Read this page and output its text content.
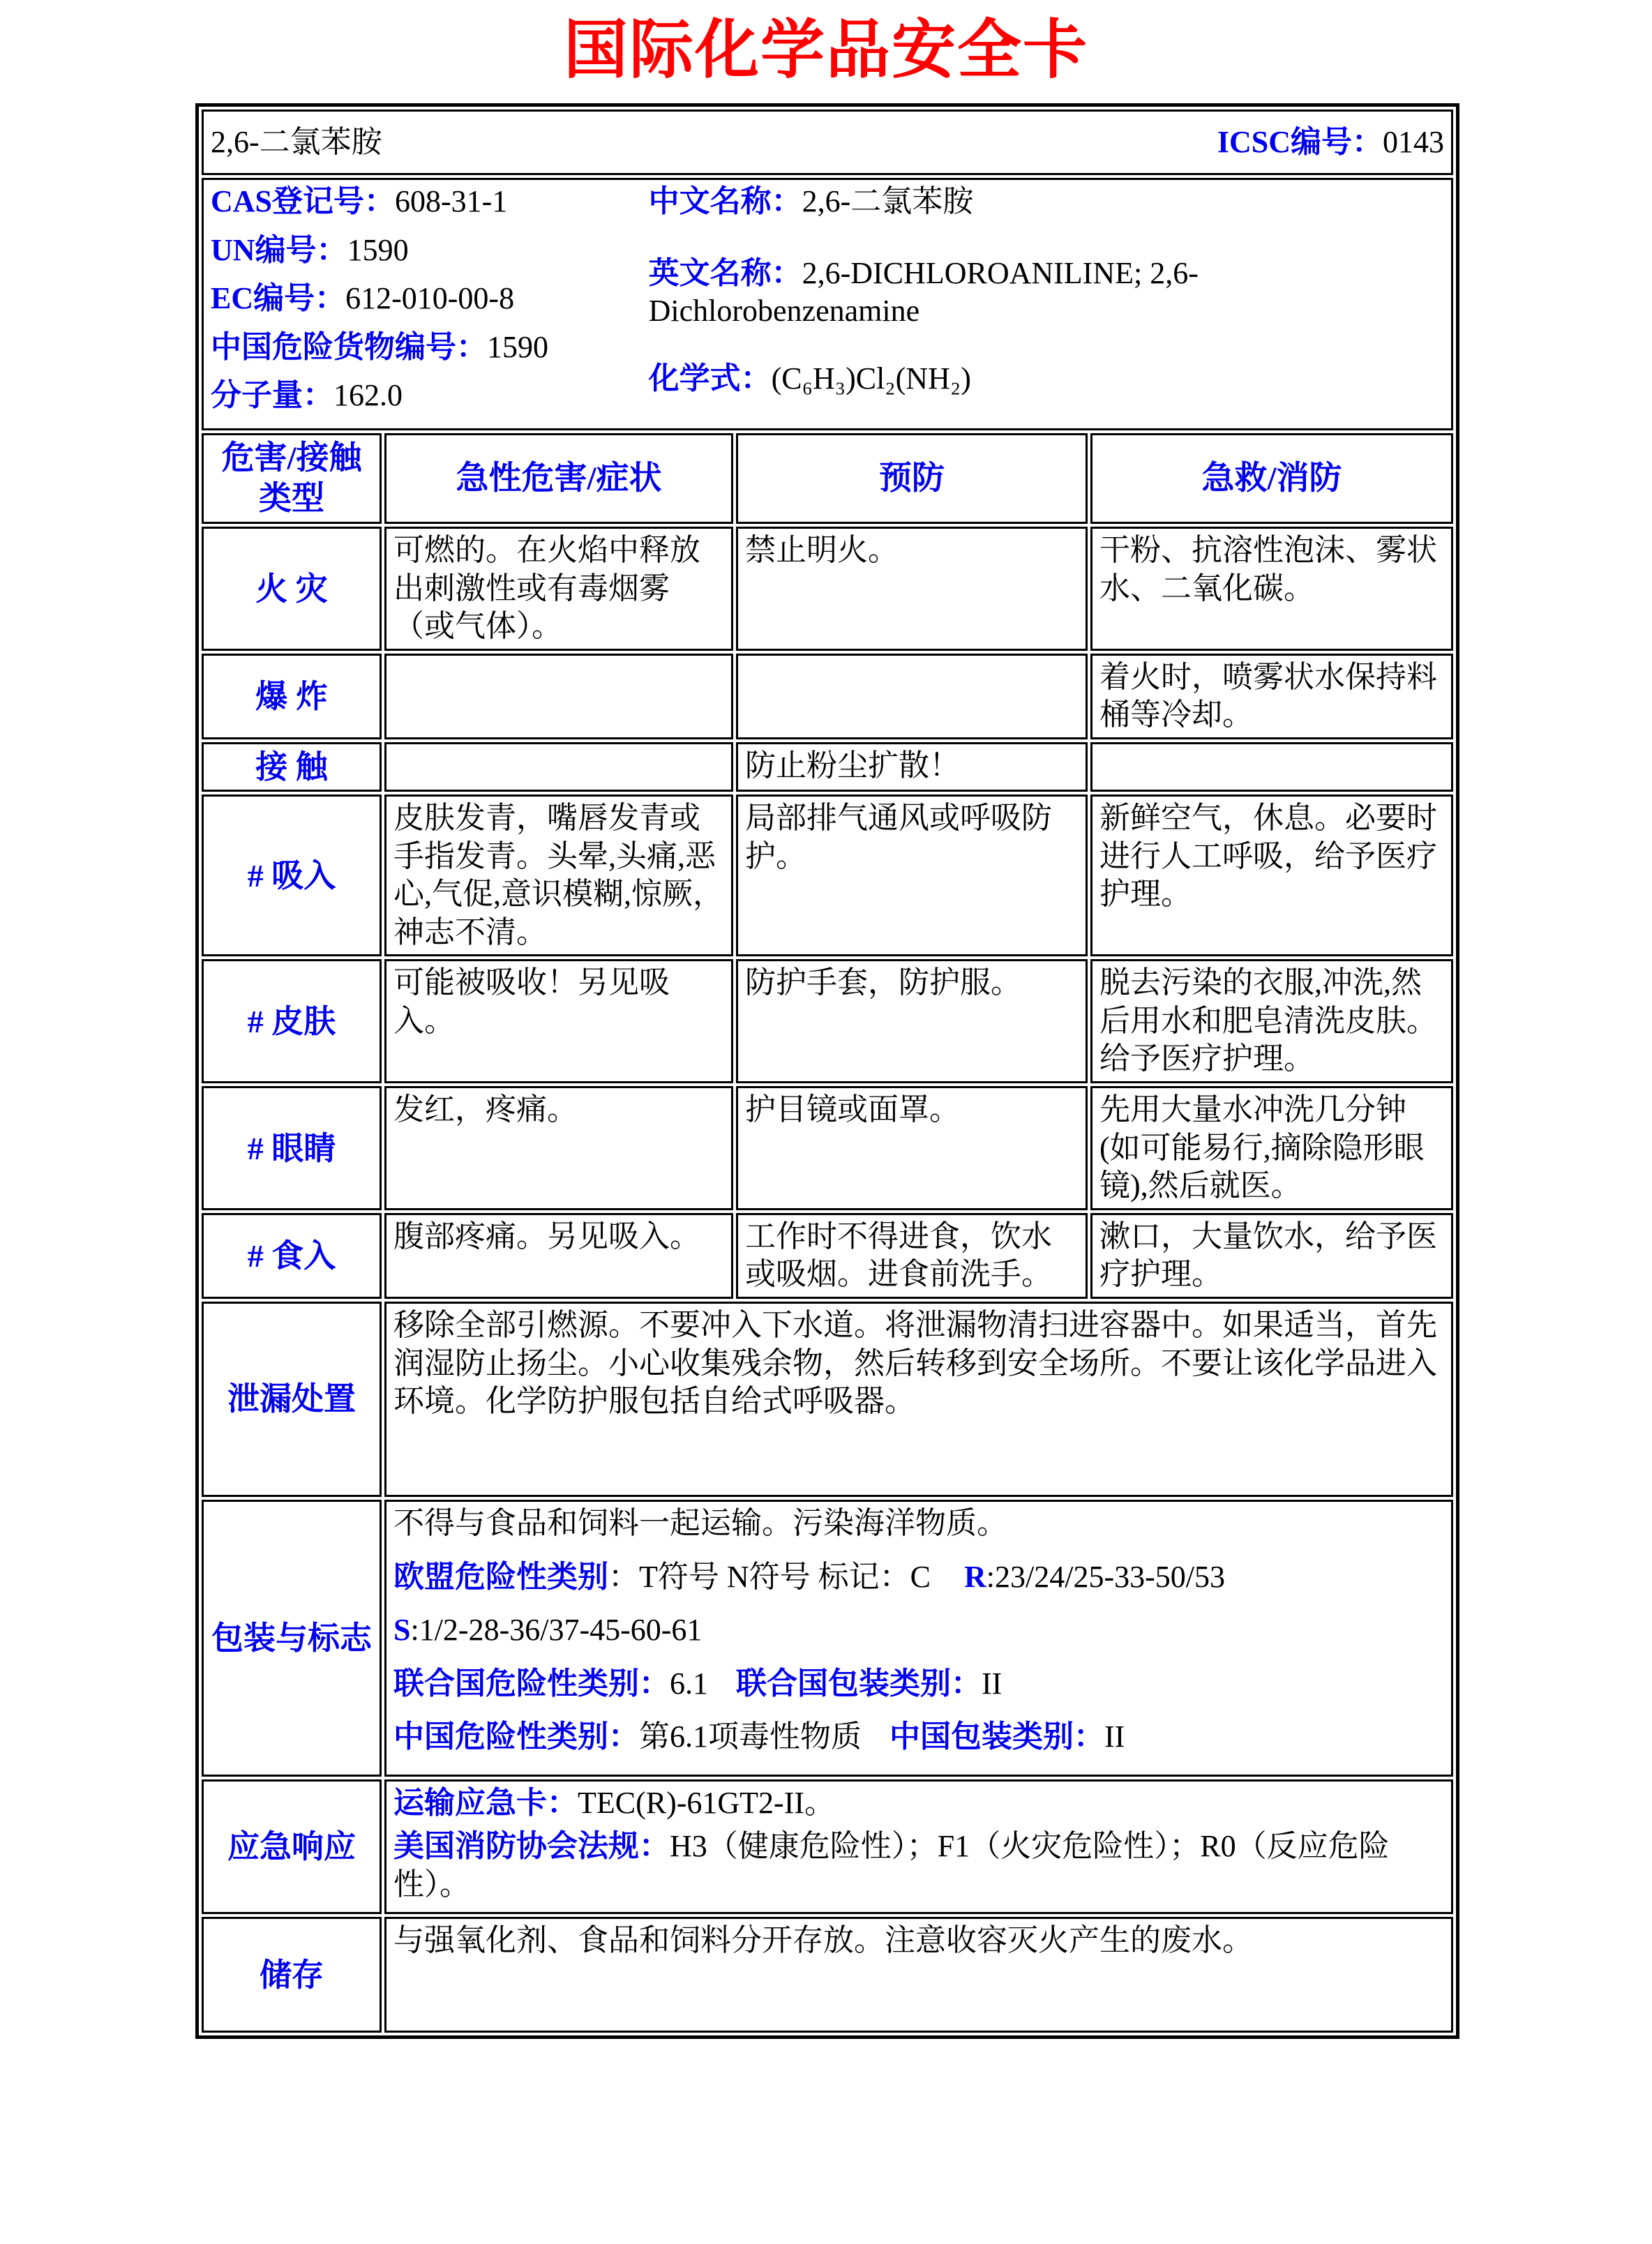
国际化学品安全卡
2,6-二氯苯胺 ICSC编号：0143			

CAS登记号：608-31-1
UN编号：1590
EC编号：612-010-00-8
中国危险货物编号：1590
分子量：162.0
中文名称：2,6-二氯苯胺
英文名称：2,6-DICHLOROANILINE; 2,6-Dichlorobenzenamine
化学式：(C₆H₃)Cl₂(NH₂)

危害/接触
类型	急性危害/症状	预防	急救/消防
火 灾	可燃的。在火焰中释放出刺激性或有毒烟雾（或气体）。	禁止明火。	干粉、抗溶性泡沫、雾状水、二氧化碳。
爆 炸			着火时，喷雾状水保持料桶等冷却。
接 触		防止粉尘扩散！	
# 吸入	皮肤发青，嘴唇发青或手指发青。头晕,头痛,恶心,气促,意识模糊,惊厥，神志不清。	局部排气通风或呼吸防护。	新鲜空气，休息。必要时进行人工呼吸，给予医疗护理。
# 皮肤	可能被吸收！另见吸入。	防护手套，防护服。	脱去污染的衣服,冲洗,然后用水和肥皂清洗皮肤。给予医疗护理。
# 眼睛	发红，疼痛。	护目镜或面罩。	先用大量水冲洗几分钟(如可能易行,摘除隐形眼镜),然后就医。
# 食入	腹部疼痛。另见吸入。	工作时不得进食，饮水或吸烟。进食前洗手。	漱口，大量饮水，给予医疗护理。
泄漏处置	移除全部引燃源。不要冲入下水道。将泄漏物清扫进容器中。如果适当，首先润湿防止扬尘。小心收集残余物，然后转移到安全场所。不要让该化学品进入环境。化学防护服包括自给式呼吸器。		
包装与标志	不得与食品和饲料一起运输。污染海洋物质。

欧盟危险性类别：T符号 N符号 标记：C R:23/24/25-33-50/53

S:1/2-28-36/37-45-60-61

联合国危险性类别：6.1 联合国包装类别：II

中国危险性类别：第6.1项毒性物质 中国包装类别：II		

应急响应	运输应急卡：TEC(R)-61GT2-II。

美国消防协会法规：H3（健康危险性）；F1（火灾危险性）；R0（反应危险性）。		

储存	与强氧化剂、食品和饲料分开存放。注意收容灭火产生的废水。		
